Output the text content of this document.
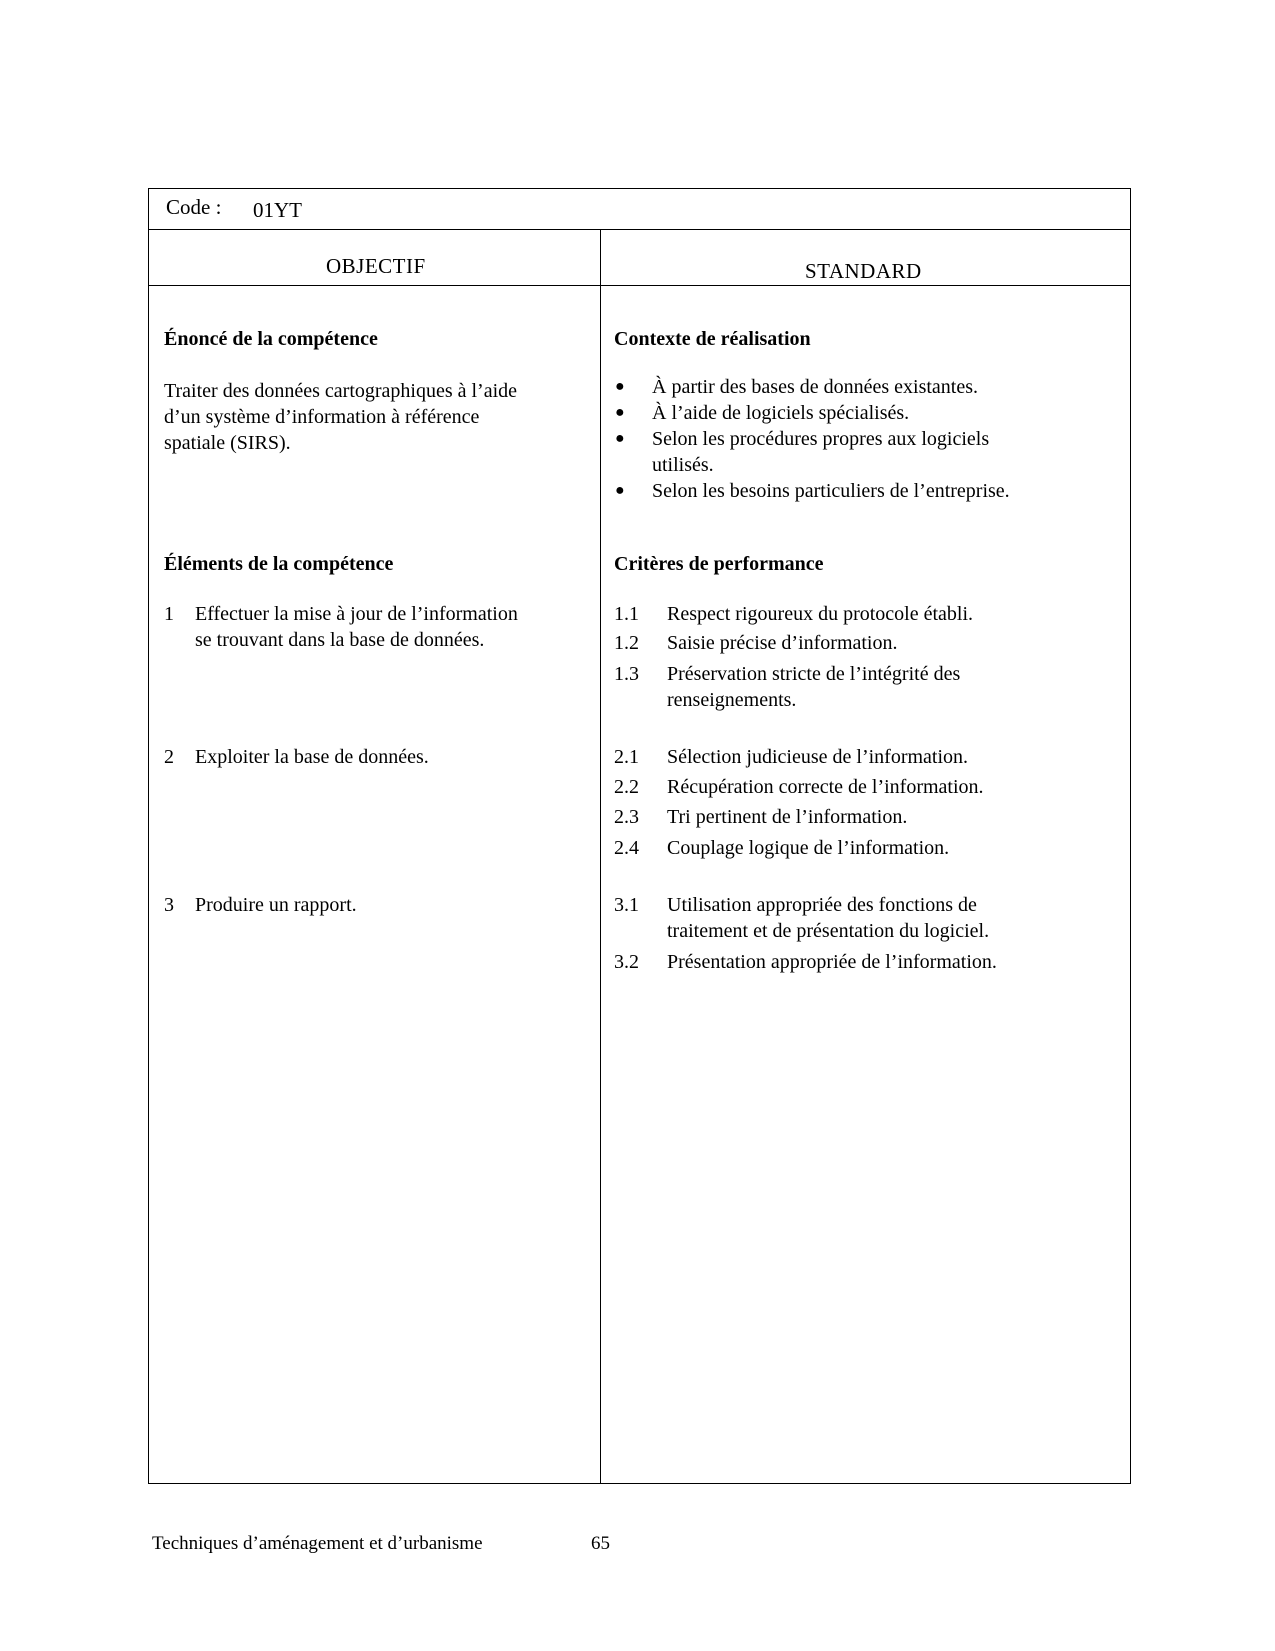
Code : 01YT
OBJECTIF	STANDARD
Énoncé de la compétence
Traiter des données cartographiques à l’aide
d’un système d’information à référence
spatiale (SIRS).
Éléments de la compétence
1 Effectuer la mise à jour de l’information
se trouvant dans la base de données.
2 Exploiter la base de données.
3 Produire un rapport.
Contexte de réalisation
● À partir des bases de données existantes.
● À l’aide de logiciels spécialisés.
● Selon les procédures propres aux logiciels
utilisés.
● Selon les besoins particuliers de l’entreprise.
Critères de performance
1.1 Respect rigoureux du protocole établi.
1.2 Saisie précise d’information.
1.3 Préservation stricte de l’intégrité des
renseignements.
2.1 Sélection judicieuse de l’information.
2.2 Récupération correcte de l’information.
2.3 Tri pertinent de l’information.
2.4 Couplage logique de l’information.
3.1 Utilisation appropriée des fonctions de
traitement et de présentation du logiciel.
3.2 Présentation appropriée de l’information.
Techniques d’aménagement et d’urbanisme	65
